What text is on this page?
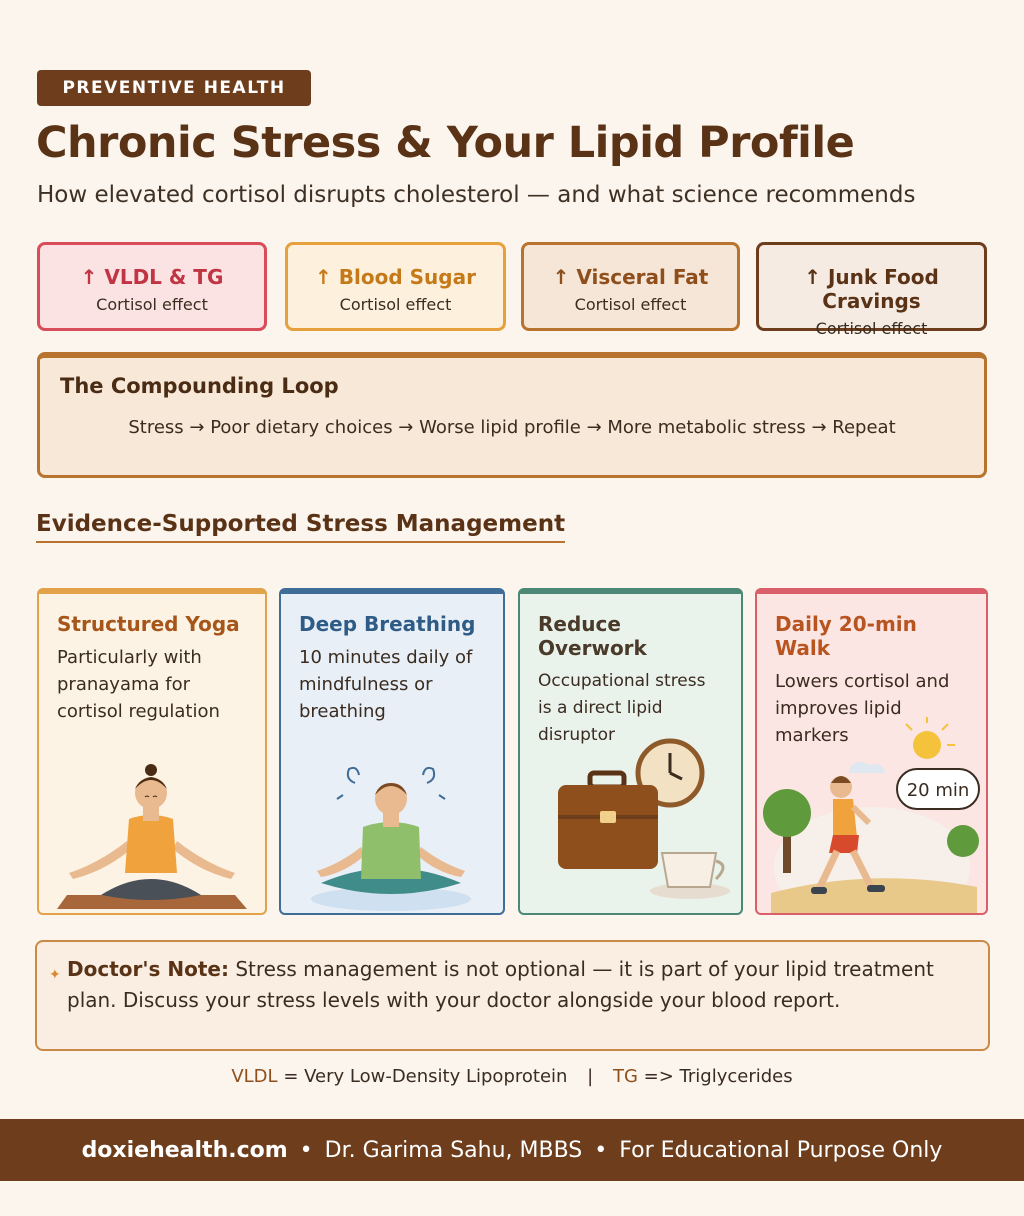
PREVENTIVE HEALTH
Chronic Stress & Your Lipid Profile
How elevated cortisol disrupts cholesterol — and what science recommends
↑ VLDL & TG
Cortisol effect
↑ Blood Sugar
Cortisol effect
↑ Visceral Fat
Cortisol effect
↑ Junk Food Cravings
Cortisol effect
The Compounding Loop
Stress → Poor dietary choices → Worse lipid profile → More metabolic stress → Repeat
Evidence-Supported Stress Management
Structured Yoga
Particularly with pranayama for cortisol regulation
Deep Breathing
10 minutes daily of mindfulness or breathing
Reduce Overwork
Occupational stress is a direct lipid disruptor
Daily 20-min Walk
Lowers cortisol and improves lipid markers
20 min
✦ Doctor's Note: Stress management is not optional — it is part of your lipid treatment plan. Discuss your stress levels with your doctor alongside your blood report.
VLDL = Very Low-Density Lipoprotein | TG => Triglycerides
doxiehealth.com • Dr. Garima Sahu, MBBS • For Educational Purpose Only
